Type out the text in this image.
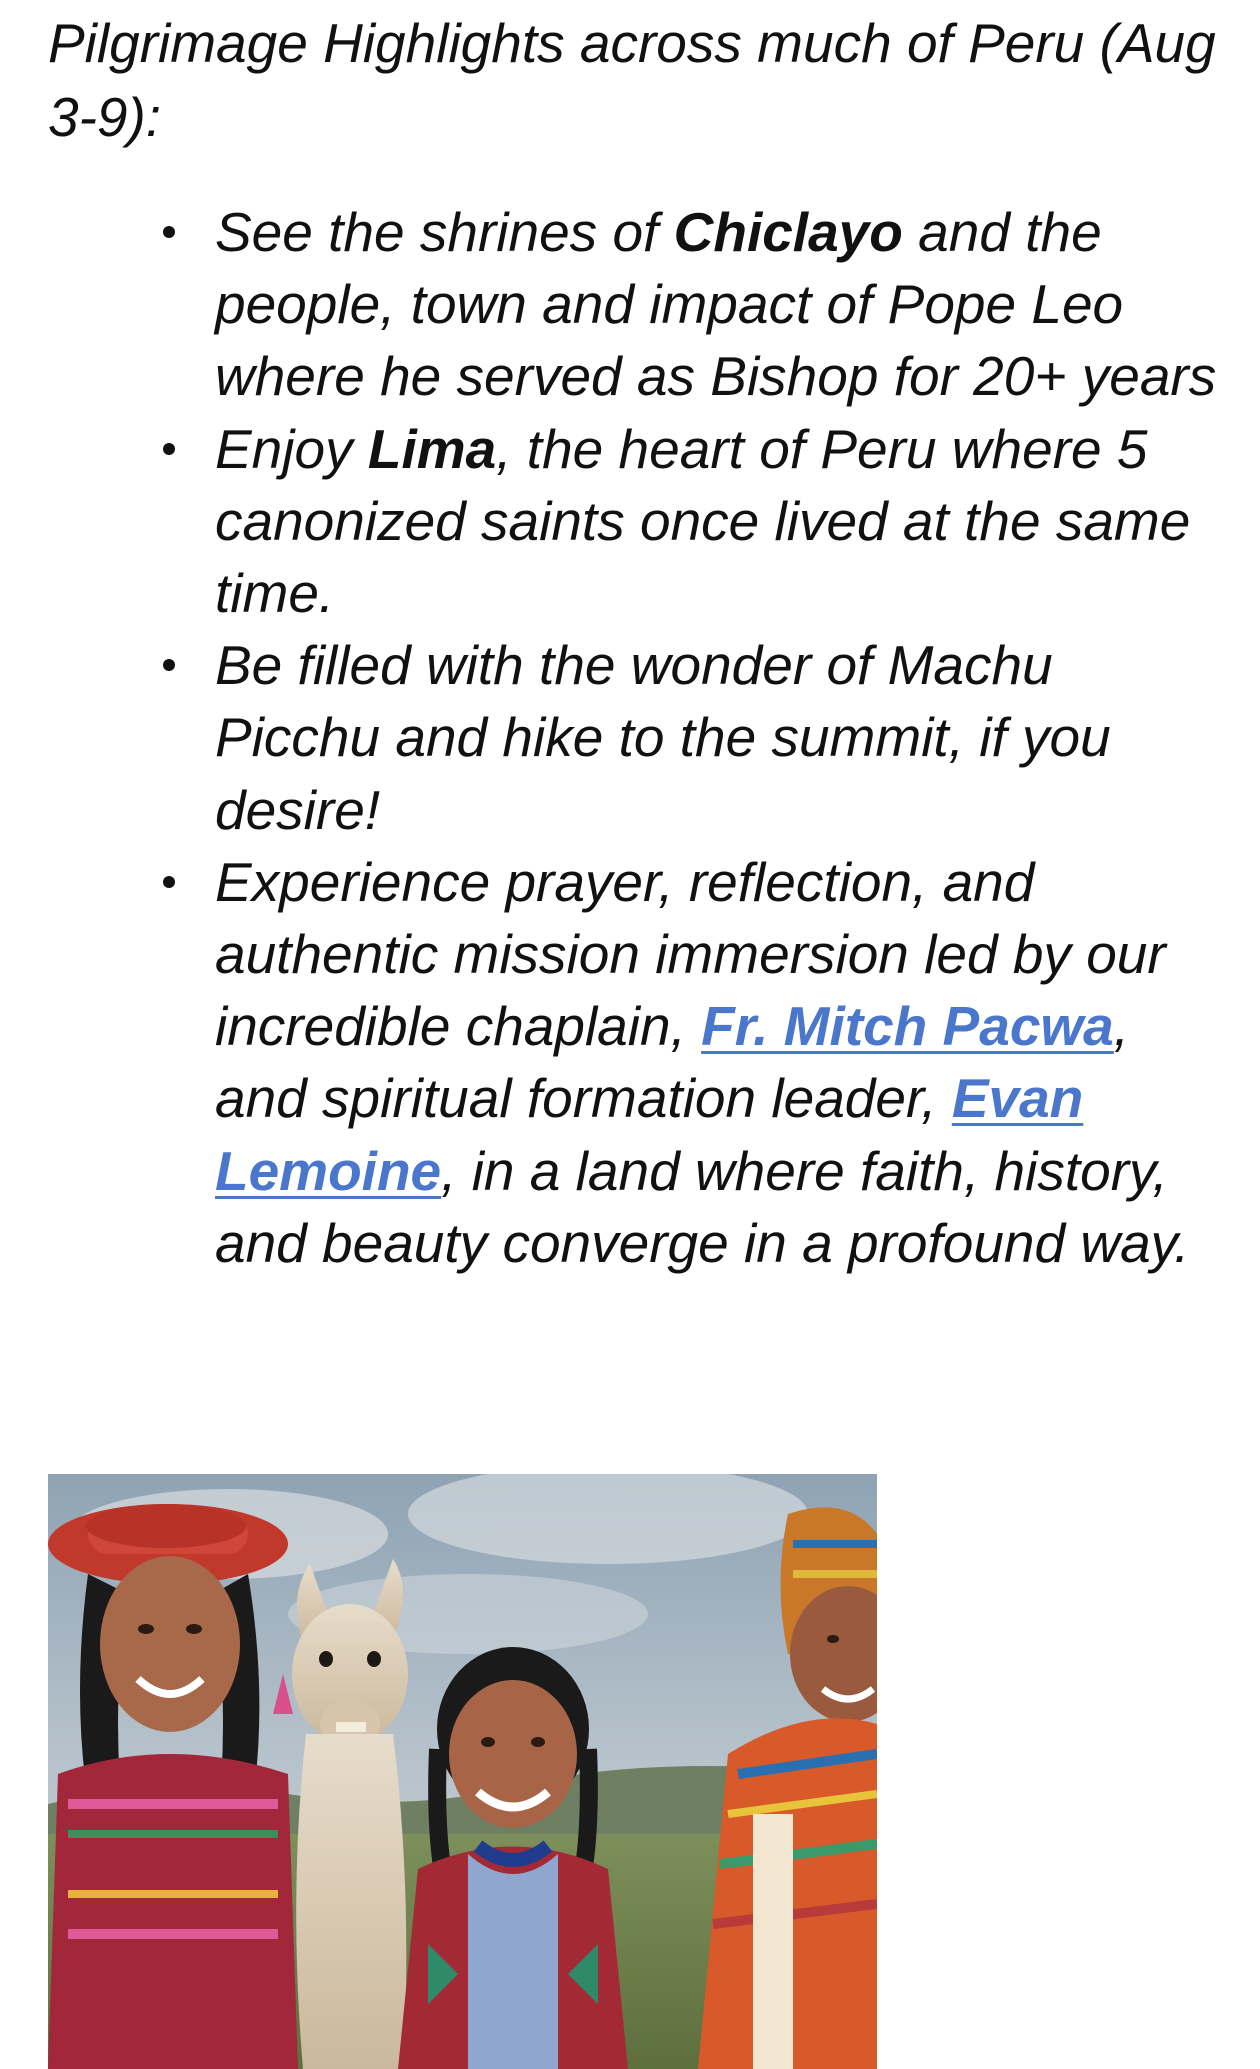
Pilgrimage Highlights across much of Peru (Aug 3-9):

See the shrines of Chiclayo and the people, town and impact of Pope Leo where he served as Bishop for 20+ years
Enjoy Lima, the heart of Peru where 5 canonized saints once lived at the same time.
Be filled with the wonder of Machu Picchu and hike to the summit, if you desire!
Experience prayer, reflection, and authentic mission immersion led by our incredible chaplain, Fr. Mitch Pacwa, and spiritual formation leader, Evan Lemoine, in a land where faith, history, and beauty converge in a profound way.
